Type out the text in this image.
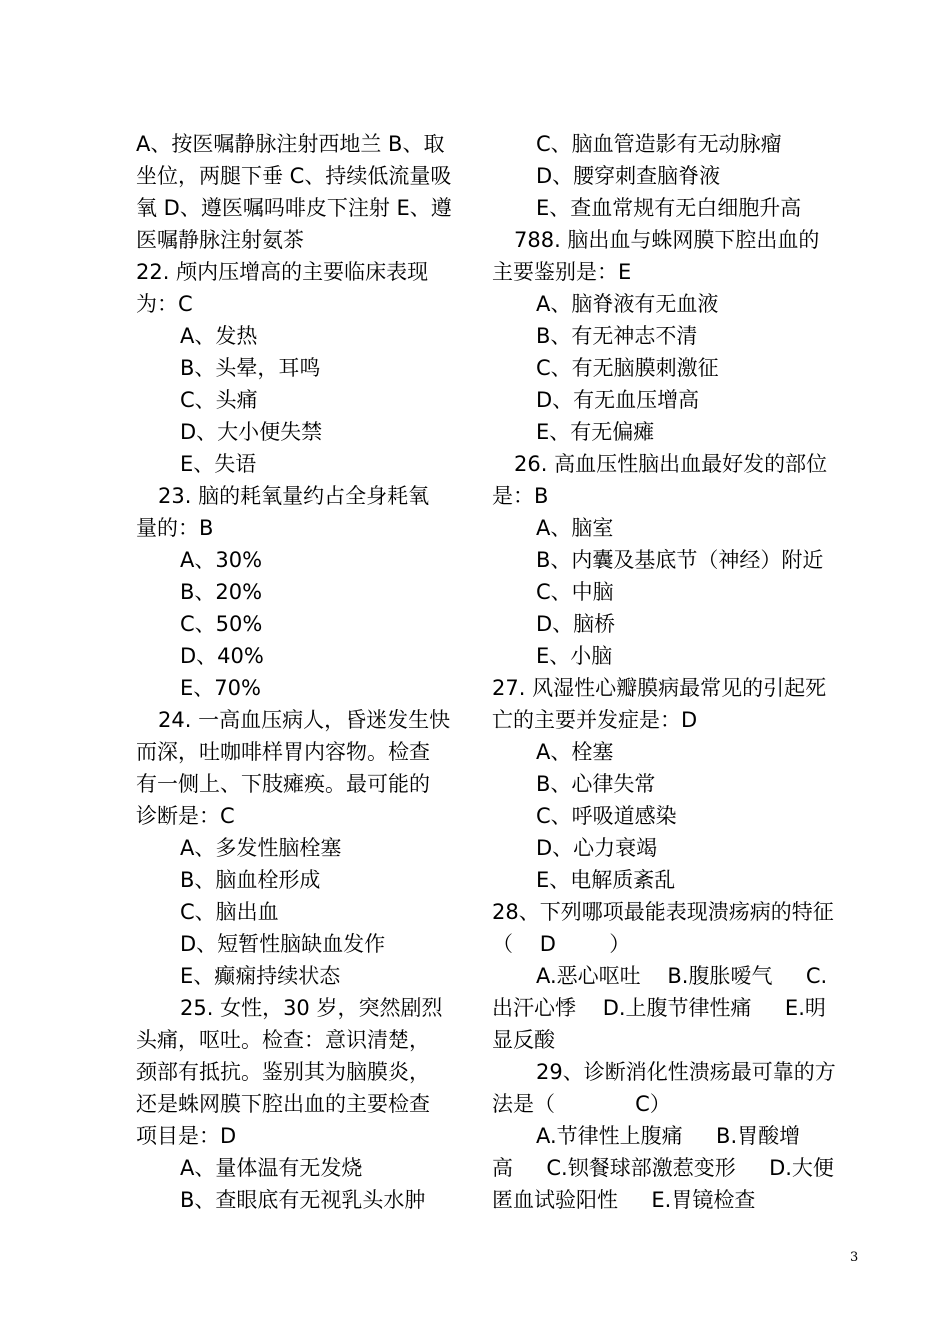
A、按医嘱静脉注射西地兰 B、取
坐位，两腿下垂 C、持续低流量吸
氧 D、遵医嘱吗啡皮下注射 E、遵
医嘱静脉注射氨茶
22. 颅内压增高的主要临床表现
为：C
A、发热
B、头晕，耳鸣
C、头痛
D、大小便失禁
E、失语
23. 脑的耗氧量约占全身耗氧
量的：B
A、30%
B、20%
C、50%
D、40%
E、70%
24. 一高血压病人，昏迷发生快
而深，吐咖啡样胃内容物。检查
有一侧上、下肢瘫痪。最可能的
诊断是：C
A、多发性脑栓塞
B、脑血栓形成
C、脑出血
D、短暂性脑缺血发作
E、癫痫持续状态
25. 女性，30 岁，突然剧烈
头痛，呕吐。检查：意识清楚，
颈部有抵抗。鉴别其为脑膜炎，
还是蛛网膜下腔出血的主要检查
项目是：D
A、量体温有无发烧
B、查眼底有无视乳头水肿
C、脑血管造影有无动脉瘤
D、腰穿刺查脑脊液
E、查血常规有无白细胞升高
788. 脑出血与蛛网膜下腔出血的
主要鉴别是：E
A、脑脊液有无血液
B、有无神志不清
C、有无脑膜刺激征
D、有无血压增高
E、有无偏瘫
26. 高血压性脑出血最好发的部位
是：B
A、脑室
B、内囊及基底节（神经）附近
C、中脑
D、脑桥
E、小脑
27. 风湿性心瓣膜病最常见的引起死
亡的主要并发症是：D
A、栓塞
B、心律失常
C、呼吸道感染
D、心力衰竭
E、电解质紊乱
28、下列哪项最能表现溃疡病的特征
（    D        ）
A.恶心呕吐    B.腹胀嗳气     C.
出汗心悸    D.上腹节律性痛     E.明
显反酸
29、诊断消化性溃疡最可靠的方
法是（            C）
A.节律性上腹痛     B.胃酸增
高     C.钡餐球部激惹变形     D.大便
匿血试验阳性     E.胃镜检查
3
